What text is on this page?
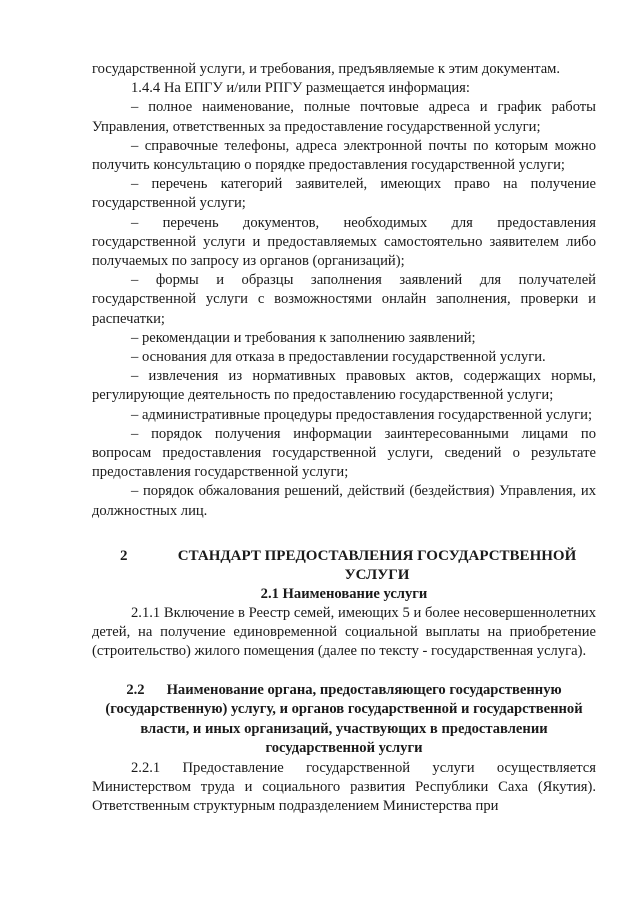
государственной услуги, и требования, предъявляемые к этим документам.

1.4.4 На ЕПГУ и/или РПГУ размещается информация:

– полное наименование, полные почтовые адреса и график работы Управления, ответственных за предоставление государственной услуги;

– справочные телефоны, адреса электронной почты по которым можно получить консультацию о порядке предоставления государственной услуги;

– перечень категорий заявителей, имеющих право на получение государственной услуги;

– перечень документов, необходимых для предоставления государственной услуги и предоставляемых самостоятельно заявителем либо получаемых по запросу из органов (организаций);

– формы и образцы заполнения заявлений для получателей государственной услуги с возможностями онлайн заполнения, проверки и распечатки;

– рекомендации и требования к заполнению заявлений;

– основания для отказа в предоставлении государственной услуги.

– извлечения из нормативных правовых актов, содержащих нормы, регулирующие деятельность по предоставлению государственной услуги;

– административные процедуры предоставления государственной услуги;

– порядок получения информации заинтересованными лицами по вопросам предоставления государственной услуги, сведений о результате предоставления государственной услуги;

– порядок обжалования решений, действий (бездействия) Управления, их должностных лиц.

2	СТАНДАРТ ПРЕДОСТАВЛЕНИЯ ГОСУДАРСТВЕННОЙ УСЛУГИ

2.1 Наименование услуги

2.1.1 Включение в Реестр семей, имеющих 5 и более несовершеннолетних детей, на получение единовременной социальной выплаты на приобретение (строительство) жилого помещения (далее по тексту - государственная услуга).

2.2 Наименование органа, предоставляющего государственную (государственную) услугу, и органов государственной и государственной власти, и иных организаций, участвующих в предоставлении государственной услуги

2.2.1 Предоставление государственной услуги осуществляется Министерством труда и социального развития Республики Саха (Якутия). Ответственным структурным подразделением Министерства при
